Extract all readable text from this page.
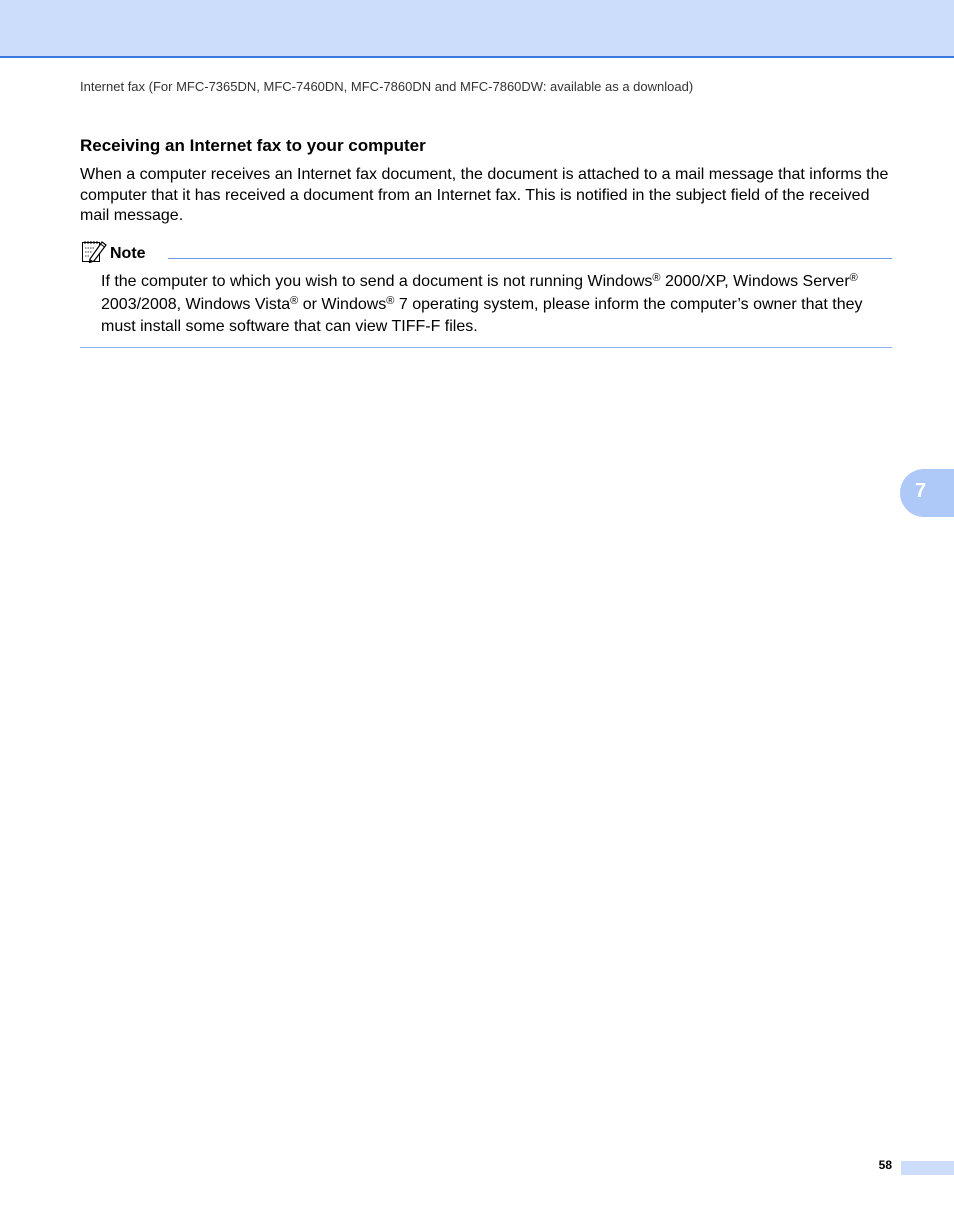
Internet fax (For MFC-7365DN, MFC-7460DN, MFC-7860DN and MFC-7860DW: available as a download)
Receiving an Internet fax to your computer

When a computer receives an Internet fax document, the document is attached to a mail message that informs the computer that it has received a document from an Internet fax. This is notified in the subject field of the received mail message.

Note

If the computer to which you wish to send a document is not running Windows® 2000/XP, Windows Server® 2003/2008, Windows Vista® or Windows® 7 operating system, please inform the computer’s owner that they must install some software that can view TIFF-F files.

7
58
